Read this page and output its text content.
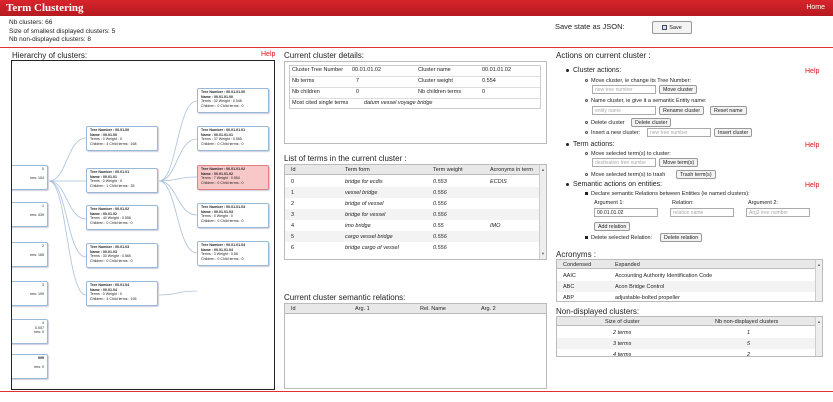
Term Clustering	Home
Nb clusters: 66
Size of smallest displayed clusters: 5
Nb non-displayed clusters: 8
Save state as JSON:	Save
Hierarchy of clusters:	Help
0
rms: 104
1
rms: 439
2
rms: 165
3
rms: 199
4
0.007
rms: 0
999
rms: 0
Tree Number : 00.01.00
Name : 00.01.00
Terms : 0 Weight : 0
Children : 4 Child terms : 168
Tree Number : 00.01.01
Name : 00.01.01
Terms : 0 Weight : 0
Children : 1 Child terms : 35
Tree Number : 00.01.02
Name : 00.01.02
Terms : 40 Weight : 0.556
Children : 0 Child terms : 0
Tree Number : 00.01.03
Name : 00.01.03
Terms : 30 Weight : 0.565
Children : 0 Child terms : 0
Tree Number : 00.01.04
Name : 00.01.04
Terms : 0 Weight : 0
Children : 4 Child terms : 195
Tree Number : 00.01.01.00
Name : 00.01.01.00
Terms : 32 Weight : 0.546
Children : 0 Child terms : 0
Tree Number : 00.01.01.01
Name : 00.01.01.01
Terms : 37 Weight : 0.565
Children : 0 Child terms : 0
Tree Number : 00.01.01.02
Name : 00.01.01.02
Terms : 7 Weight : 0.554
Children : 0 Child terms : 0
Tree Number : 00.01.01.03
Name : 00.01.01.03
Terms : 0 Weight : 0
Children : 0 Child terms : 0
Tree Number : 00.01.01.04
Name : 00.01.01.04
Terms : 3 Weight : 0.56
Children : 0 Child terms : 0
Current cluster details:
Cluster Tree Number 00.01.01.02	Cluster name	00.01.01.02
Nb terms	7	Cluster weight	0.554
Nb children	0	Nb children terms	0
Most cited single terms	datum vessel voyage bridge
List of terms in the current cluster :
Id	Term form	Term weight	Acronyms in term
0	bridge for ecdis	0.553	ECDIS
1	vessel bridge	0.556
2	bridge of vessel	0.556
3	bridge for vessel	0.556
4	imo bridge	0.55	IMO
5	cargo vessel bridge	0.556
6	bridge cargo of vessel	0.556
▲
▼
Current cluster semantic relations:
Id	Arg. 1	Rel. Name	Arg. 2
Actions on current cluster :
Cluster actions:	Help
Move cluster, ie change its Tree Number:
new tree number	Move cluster
Name cluster, ie give it a semantic Entity name:
entity name	Rename cluster	Reset name
Delete cluster	Delete cluster
Insert a new cluster:	new tree number	Insert cluster
Term actions:	Help
Move selected term(s) to cluster:
destination tree numbe	Move term(s)
Move selected term(s) to trash	Trash term(s)
Semantic actions on entities:	Help
Declare semantic Relations between Entities (ie named clusters):
Argument 1:	Relation:	Argument 2:
00.01.01.02	relation name	Arg2 tree number
Add relation
Delete selected Relation:	Delete relation
Acronyms :
Condensed	Expanded
AAIC	Accounting Authority Identification Code
ABC	Acon Bridge Control
ABP	adjustable-bolted propeller
▲
Non-displayed clusters:
Size of cluster	Nb non-displayed clusters
2 terms	1
3 terms	5
4 terms	2
▲
